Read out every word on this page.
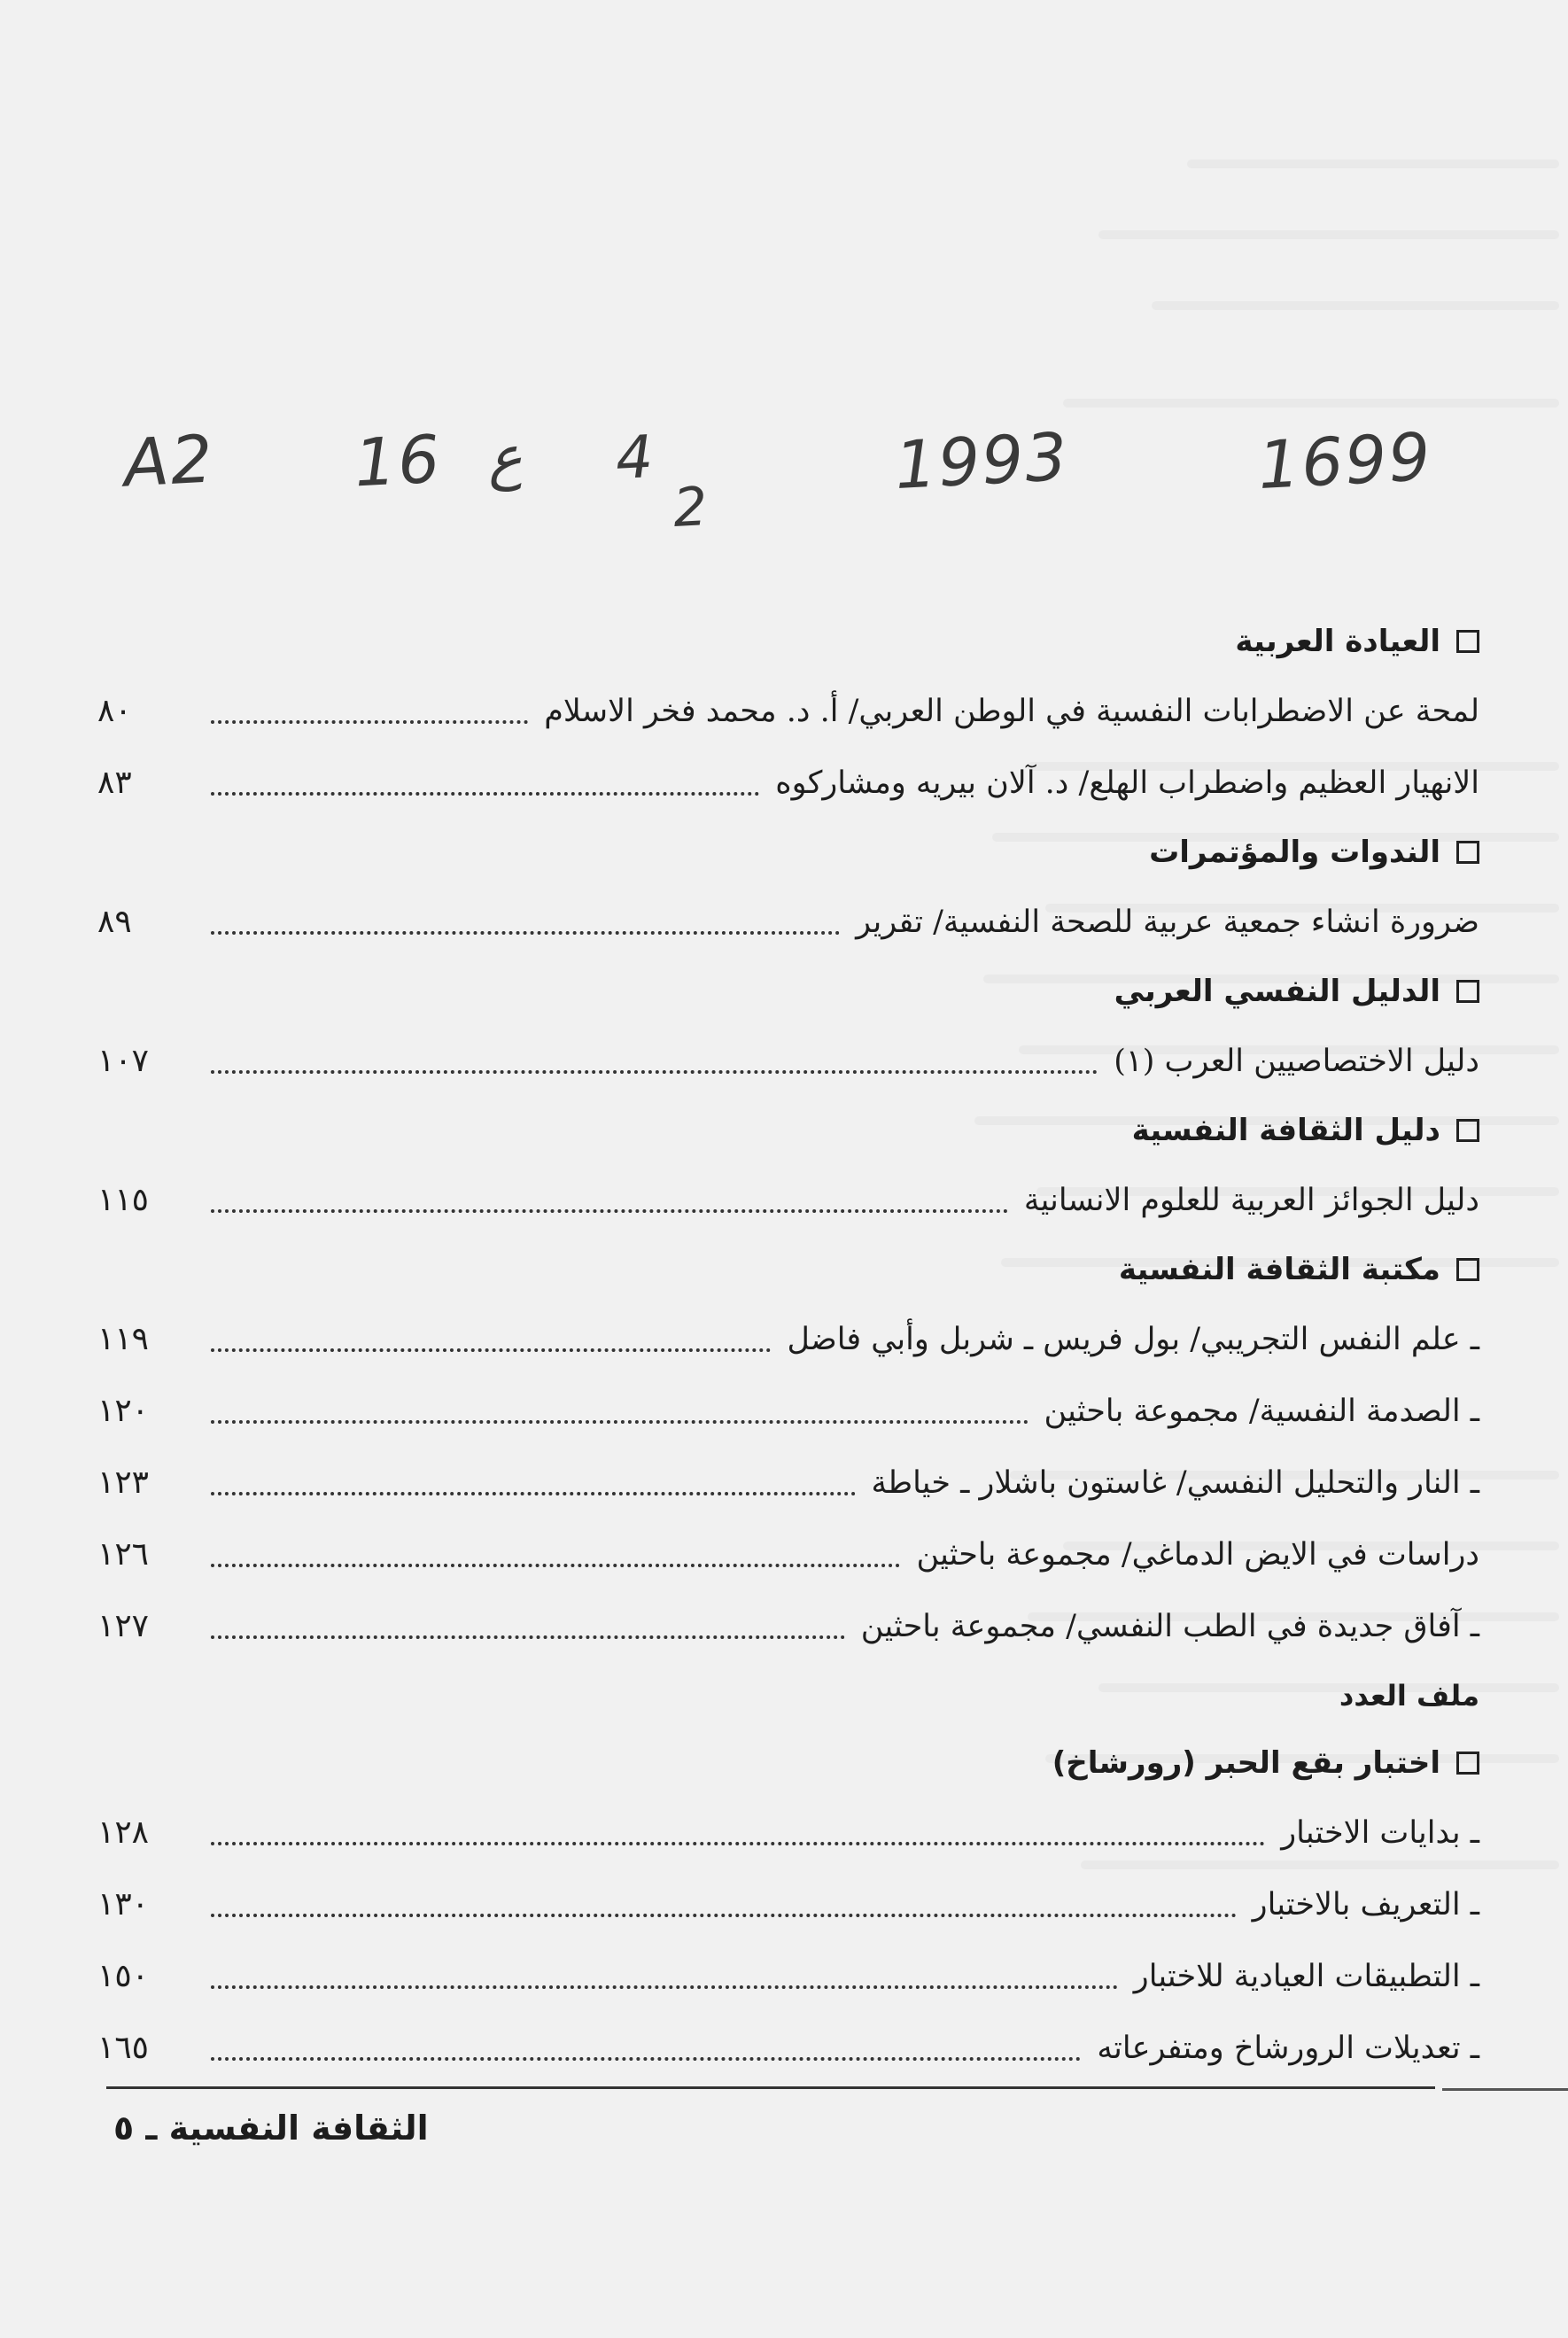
A2 16 ع 4
2
1993	1699
العيادة العربية
لمحة عن الاضطرابات النفسية في الوطن العربي/ أ. د. محمد فخر الاسلام
٨٠
الانهيار العظيم واضطراب الهلع/ د. آلان بيريه ومشاركوه
٨٣
الندوات والمؤتمرات
ضرورة انشاء جمعية عربية للصحة النفسية/ تقرير
٨٩
الدليل النفسي العربي
دليل الاختصاصيين العرب (١)
١٠٧
دليل الثقافة النفسية
دليل الجوائز العربية للعلوم الانسانية
١١٥
مكتبة الثقافة النفسية
ـ علم النفس التجريبي/ بول فريس ـ شربل وأبي فاضل
١١٩
ـ الصدمة النفسية/ مجموعة باحثين
١٢٠
ـ النار والتحليل النفسي/ غاستون باشلار ـ خياطة
١٢٣
دراسات في الايض الدماغي/ مجموعة باحثين
١٢٦
ـ آفاق جديدة في الطب النفسي/ مجموعة باحثين
١٢٧
ملف العدد
اختبار بقع الحبر (رورشاخ)
ـ بدايات الاختبار
١٢٨
ـ التعريف بالاختبار
١٣٠
ـ التطبيقات العيادية للاختبار
١٥٠
ـ تعديلات الرورشاخ ومتفرعاته
١٦٥
الثقافة النفسية ـ ٥
